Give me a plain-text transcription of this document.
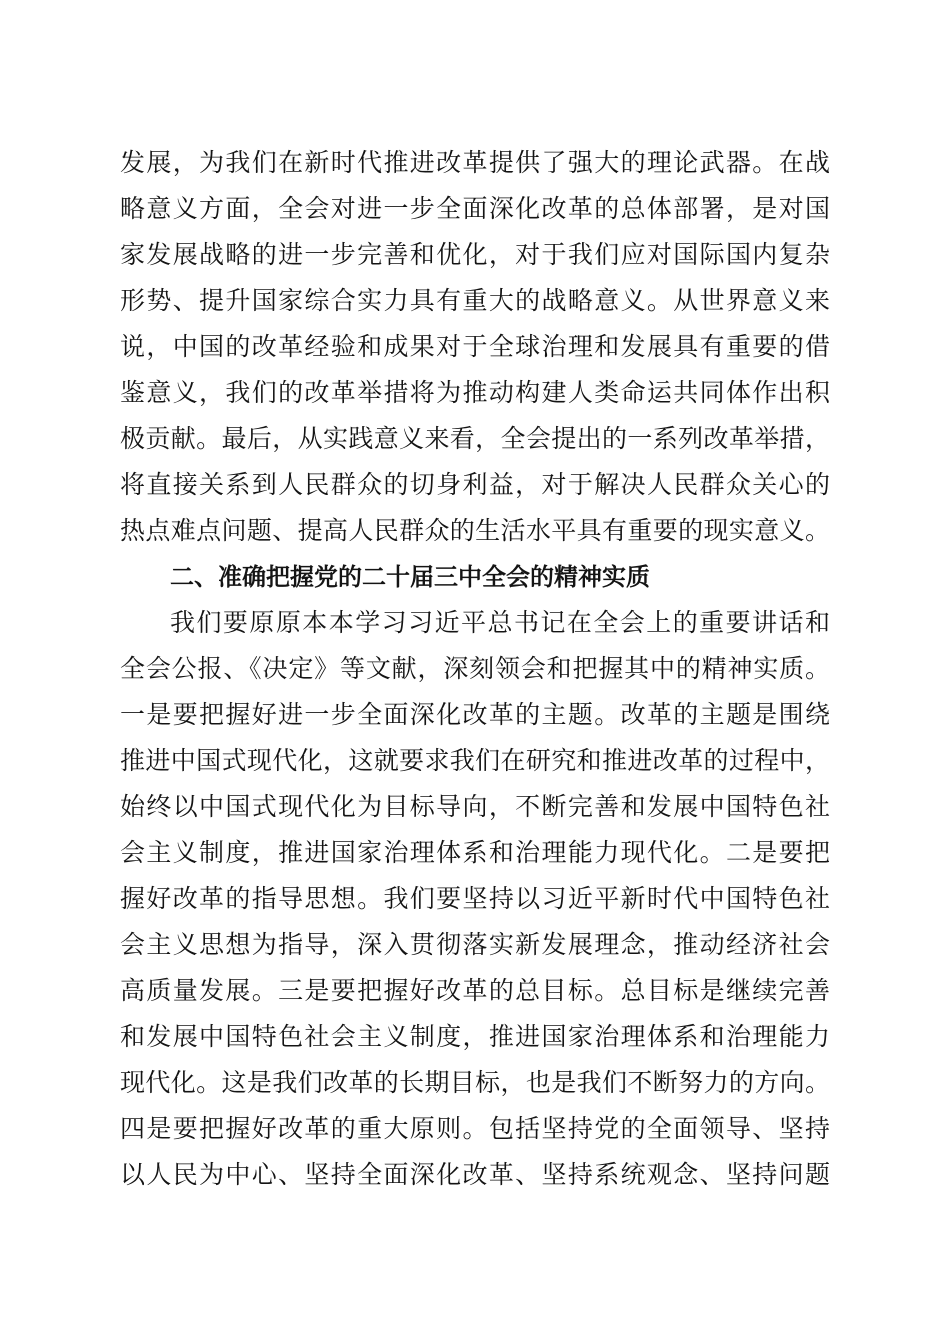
发展，为我们在新时代推进改革提供了强大的理论武器。在战
略意义方面，全会对进一步全面深化改革的总体部署，是对国
家发展战略的进一步完善和优化，对于我们应对国际国内复杂
形势、提升国家综合实力具有重大的战略意义。从世界意义来
说，中国的改革经验和成果对于全球治理和发展具有重要的借
鉴意义，我们的改革举措将为推动构建人类命运共同体作出积
极贡献。最后，从实践意义来看，全会提出的一系列改革举措，
将直接关系到人民群众的切身利益，对于解决人民群众关心的
热点难点问题、提高人民群众的生活水平具有重要的现实意义。
二、准确把握党的二十届三中全会的精神实质
我们要原原本本学习习近平总书记在全会上的重要讲话和
全会公报、《决定》等文献，深刻领会和把握其中的精神实质。
一是要把握好进一步全面深化改革的主题。改革的主题是围绕
推进中国式现代化，这就要求我们在研究和推进改革的过程中，
始终以中国式现代化为目标导向，不断完善和发展中国特色社
会主义制度，推进国家治理体系和治理能力现代化。二是要把
握好改革的指导思想。我们要坚持以习近平新时代中国特色社
会主义思想为指导，深入贯彻落实新发展理念，推动经济社会
高质量发展。三是要把握好改革的总目标。总目标是继续完善
和发展中国特色社会主义制度，推进国家治理体系和治理能力
现代化。这是我们改革的长期目标，也是我们不断努力的方向。
四是要把握好改革的重大原则。包括坚持党的全面领导、坚持
以人民为中心、坚持全面深化改革、坚持系统观念、坚持问题
